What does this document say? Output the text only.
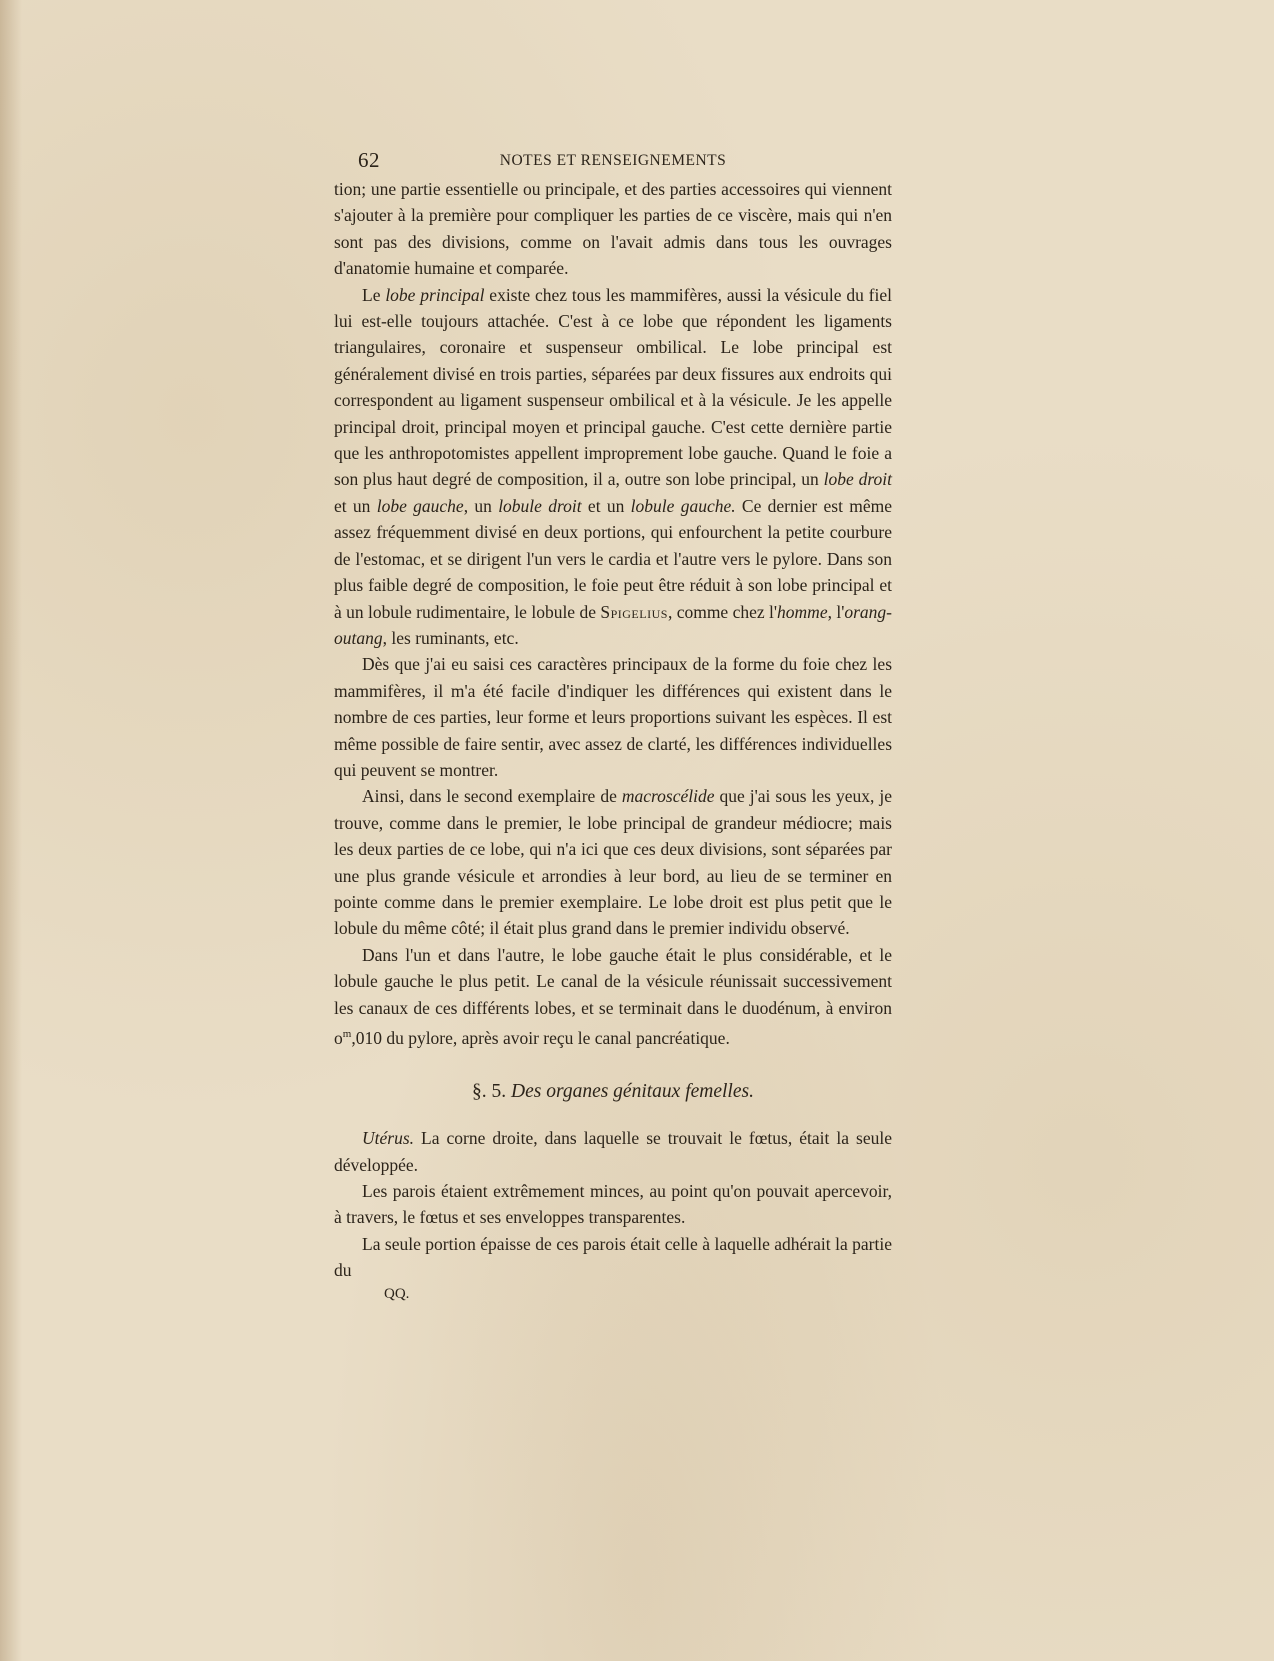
62	NOTES ET RENSEIGNEMENTS

tion; une partie essentielle ou principale, et des parties accessoires qui viennent s'ajouter à la première pour compliquer les parties de ce viscère, mais qui n'en sont pas des divisions, comme on l'avait admis dans tous les ouvrages d'anatomie humaine et comparée.

Le lobe principal existe chez tous les mammifères, aussi la vésicule du fiel lui est-elle toujours attachée. C'est à ce lobe que répondent les ligaments triangulaires, coronaire et suspenseur ombilical. Le lobe principal est généralement divisé en trois parties, séparées par deux fissures aux endroits qui correspondent au ligament suspenseur ombilical et à la vésicule. Je les appelle principal droit, principal moyen et principal gauche. C'est cette dernière partie que les anthropotomistes appellent improprement lobe gauche. Quand le foie a son plus haut degré de composition, il a, outre son lobe principal, un lobe droit et un lobe gauche, un lobule droit et un lobule gauche. Ce dernier est même assez fréquemment divisé en deux portions, qui enfourchent la petite courbure de l'estomac, et se dirigent l'un vers le cardia et l'autre vers le pylore. Dans son plus faible degré de composition, le foie peut être réduit à son lobe principal et à un lobule rudimentaire, le lobule de Spigelius, comme chez l'homme, l'orang-outang, les ruminants, etc.

Dès que j'ai eu saisi ces caractères principaux de la forme du foie chez les mammifères, il m'a été facile d'indiquer les différences qui existent dans le nombre de ces parties, leur forme et leurs proportions suivant les espèces. Il est même possible de faire sentir, avec assez de clarté, les différences individuelles qui peuvent se montrer.

Ainsi, dans le second exemplaire de macroscélide que j'ai sous les yeux, je trouve, comme dans le premier, le lobe principal de grandeur médiocre; mais les deux parties de ce lobe, qui n'a ici que ces deux divisions, sont séparées par une plus grande vésicule et arrondies à leur bord, au lieu de se terminer en pointe comme dans le premier exemplaire. Le lobe droit est plus petit que le lobule du même côté; il était plus grand dans le premier individu observé.

Dans l'un et dans l'autre, le lobe gauche était le plus considérable, et le lobule gauche le plus petit. Le canal de la vésicule réunissait successivement les canaux de ces différents lobes, et se terminait dans le duodénum, à environ $o^m,010$ du pylore, après avoir reçu le canal pancréatique.

§. 5. Des organes génitaux femelles.

Utérus. La corne droite, dans laquelle se trouvait le fœtus, était la seule développée.

Les parois étaient extrêmement minces, au point qu'on pouvait apercevoir, à travers, le fœtus et ses enveloppes transparentes.

La seule portion épaisse de ces parois était celle à laquelle adhérait la partie du

QQ.
